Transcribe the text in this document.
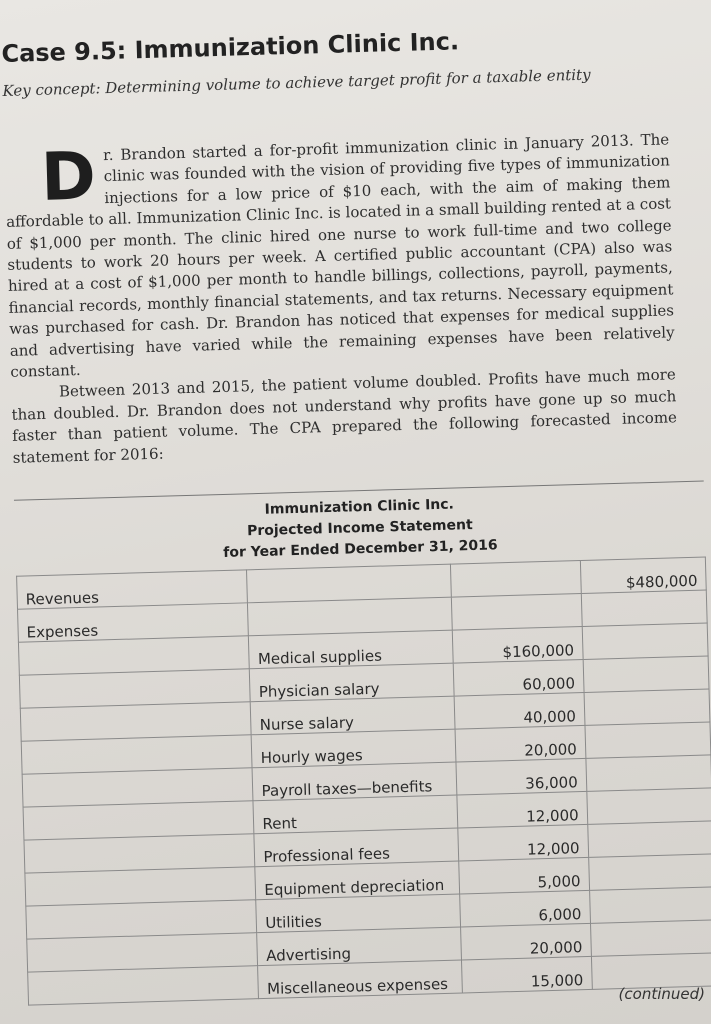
Case 9.5: Immunization Clinic Inc.
Key concept: Determining volume to achieve target profit for a taxable entity
D r. Brandon started a for-profit immunization clinic in January 2013. The clinic was founded with the vision of providing five types of immunization injections for a low price of $10 each, with the aim of making them affordable to all. Immunization Clinic Inc. is located in a small building rented at a cost of $1,000 per month. The clinic hired one nurse to work full-time and two college students to work 20 hours per week. A certified public accountant (CPA) also was hired at a cost of $1,000 per month to handle billings, collections, payroll, payments, financial records, monthly financial statements, and tax returns. Necessary equipment was purchased for cash. Dr. Brandon has noticed that expenses for medical supplies and advertising have varied while the remaining expenses have been relatively constant.

Between 2013 and 2015, the patient volume doubled. Profits have much more than doubled. Dr. Brandon does not understand why profits have gone up so much faster than patient volume. The CPA prepared the following forecasted income statement for 2016:

Immunization Clinic Inc.
Projected Income Statement
for Year Ended December 31, 2016
Revenues			$480,000
Expenses			
	Medical supplies	$160,000	
	Physician salary	60,000	
	Nurse salary	40,000	
	Hourly wages	20,000	
	Payroll taxes—benefits	36,000	
	Rent	12,000	
	Professional fees	12,000	
	Equipment depreciation	5,000	
	Utilities	6,000	
	Advertising	20,000	
	Miscellaneous expenses	15,000	
(continued)
